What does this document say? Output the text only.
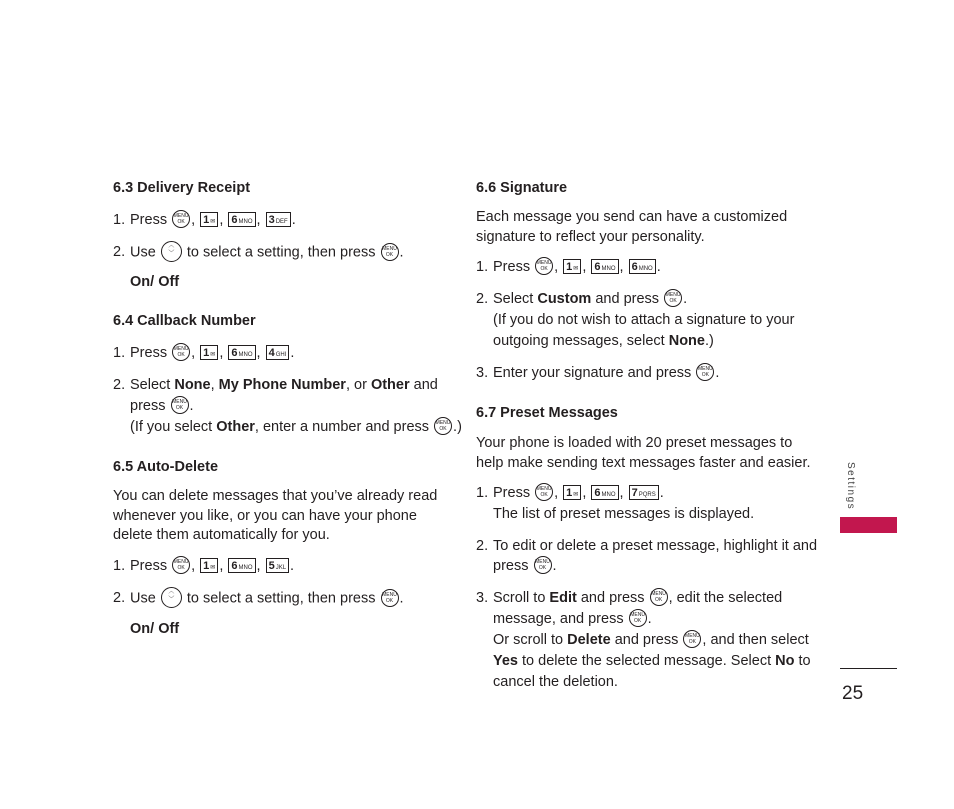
6.3 Delivery Receipt
1. Press MENU
OK , 1✉ , 6MNO , 3DEF .
2. Use ︿
﹀ to select a setting, then press MENU
OK .
On/ Off
6.4 Callback Number
1. Press MENU
OK , 1✉ , 6MNO , 4GHI .
2. Select None, My Phone Number, or Other and
press MENU
OK .
(If you select Other, enter a number and press MENU
OK .)
6.5 Auto-Delete
You can delete messages that you’ve already read
whenever you like, or you can have your phone
delete them automatically for you.
1. Press MENU
OK , 1✉ , 6MNO , 5JKL .
2. Use ︿
﹀ to select a setting, then press MENU
OK .
On/ Off
6.6 Signature
Each message you send can have a customized
signature to reflect your personality.
1. Press MENU
OK , 1✉ , 6MNO , 6MNO .
2. Select Custom and press MENU
OK .
(If you do not wish to attach a signature to your
outgoing messages, select None.)
3. Enter your signature and press MENU
OK .
6.7 Preset Messages
Your phone is loaded with 20 preset messages to
help make sending text messages faster and easier.
1. Press MENU
OK , 1✉ , 6MNO , 7PQRS .
The list of preset messages is displayed.
2. To edit or delete a preset message, highlight it and
press MENU
OK .
3. Scroll to Edit and press MENU
OK , edit the selected
message, and press MENU
OK .
Or scroll to Delete and press MENU
OK , and then select
Yes to delete the selected message. Select No to
cancel the deletion.
Settings
25
